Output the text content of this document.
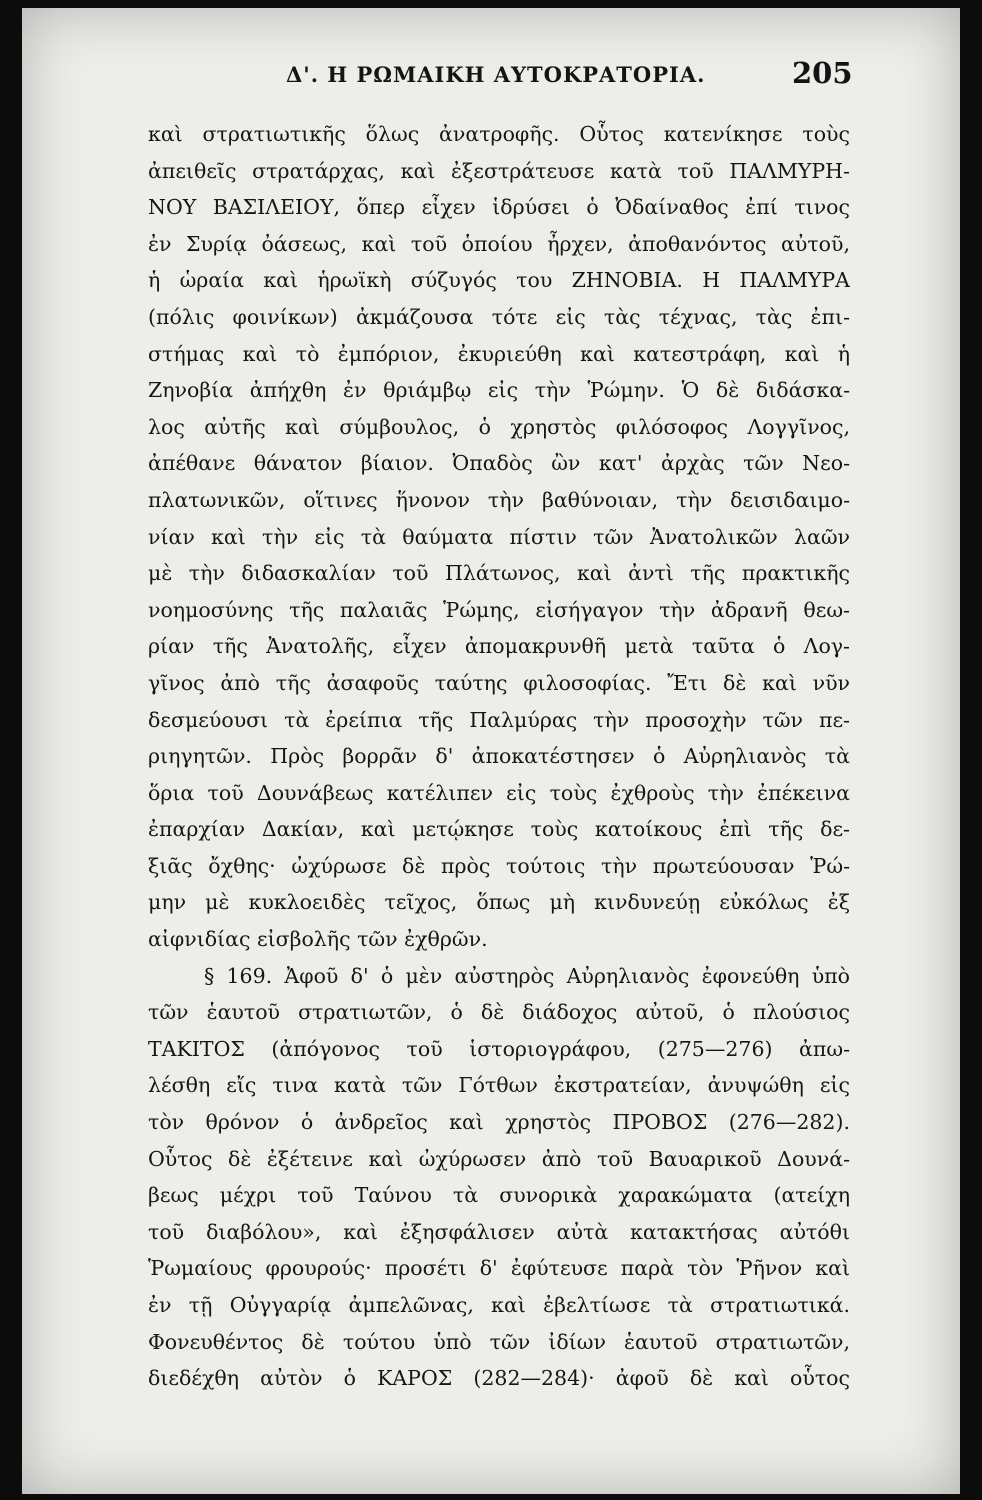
Δ'. Η ΡΩΜΑΙΚΗ ΑΥΤΟΚΡΑΤΟΡΙΑ.	205
καὶ στρατιωτικῆς ὅλως ἀνατροφῆς. Οὗτος κατενίκησε τοὺς
ἀπειθεῖς στρατάρχας, καὶ ἐξεστράτευσε κατὰ τοῦ ΠΑΛΜΥΡΗ-
ΝΟΥ ΒΑΣΙΛΕΙΟΥ, ὅπερ εἶχεν ἱδρύσει ὁ Ὀδαίναθος ἐπί τινος
ἐν Συρίᾳ ὀάσεως, καὶ τοῦ ὁποίου ἦρχεν, ἀποθανόντος αὐτοῦ,
ἡ ὡραία καὶ ἡρωϊκὴ σύζυγός του ΖΗΝΟΒΙΑ. Η ΠΑΛΜΥΡΑ
(πόλις φοινίκων) ἀκμάζουσα τότε εἰς τὰς τέχνας, τὰς ἐπι-
στήμας καὶ τὸ ἐμπόριον, ἐκυριεύθη καὶ κατεστράφη, καὶ ἡ
Ζηνοβία ἀπήχθη ἐν θριάμβῳ εἰς τὴν Ῥώμην. Ὁ δὲ διδάσκα-
λος αὐτῆς καὶ σύμβουλος, ὁ χρηστὸς φιλόσοφος Λογγῖνος,
ἀπέθανε θάνατον βίαιον. Ὀπαδὸς ὢν κατ' ἀρχὰς τῶν Νεο-
πλατωνικῶν, οἵτινες ἥνονον τὴν βαθύνοιαν, τὴν δεισιδαιμο-
νίαν καὶ τὴν εἰς τὰ θαύματα πίστιν τῶν Ἀνατολικῶν λαῶν
μὲ τὴν διδασκαλίαν τοῦ Πλάτωνος, καὶ ἀντὶ τῆς πρακτικῆς
νοημοσύνης τῆς παλαιᾶς Ῥώμης, εἰσήγαγον τὴν ἀδρανῆ θεω-
ρίαν τῆς Ἀνατολῆς, εἶχεν ἀπομακρυνθῆ μετὰ ταῦτα ὁ Λογ-
γῖνος ἀπὸ τῆς ἀσαφοῦς ταύτης φιλοσοφίας. Ἔτι δὲ καὶ νῦν
δεσμεύουσι τὰ ἐρείπια τῆς Παλμύρας τὴν προσοχὴν τῶν πε-
ριηγητῶν. Πρὸς βορρᾶν δ' ἀποκατέστησεν ὁ Αὐρηλιανὸς τὰ
ὅρια τοῦ Δουνάβεως κατέλιπεν εἰς τοὺς ἐχθροὺς τὴν ἐπέκεινα
ἐπαρχίαν Δακίαν, καὶ μετῴκησε τοὺς κατοίκους ἐπὶ τῆς δε-
ξιᾶς ὄχθης· ὠχύρωσε δὲ πρὸς τούτοις τὴν πρωτεύουσαν Ῥώ-
μην μὲ κυκλοειδὲς τεῖχος, ὅπως μὴ κινδυνεύῃ εὐκόλως ἐξ
αἰφνιδίας εἰσβολῆς τῶν ἐχθρῶν.
§ 169. Ἀφοῦ δ' ὁ μὲν αὐστηρὸς Αὐρηλιανὸς ἐφονεύθη ὑπὸ
τῶν ἑαυτοῦ στρατιωτῶν, ὁ δὲ διάδοχος αὐτοῦ, ὁ πλούσιος
ΤΑΚΙΤΟΣ (ἀπόγονος τοῦ ἱστοριογράφου, (275—276) ἀπω-
λέσθη εἴς τινα κατὰ τῶν Γότθων ἐκστρατείαν, ἀνυψώθη εἰς
τὸν θρόνον ὁ ἀνδρεῖος καὶ χρηστὸς ΠΡΟΒΟΣ (276—282).
Οὗτος δὲ ἐξέτεινε καὶ ὠχύρωσεν ἀπὸ τοῦ Βαυαρικοῦ Δουνά-
βεως μέχρι τοῦ Ταύνου τὰ συνορικὰ χαρακώματα (ατείχη
τοῦ διαβόλου», καὶ ἐξησφάλισεν αὐτὰ κατακτήσας αὐτόθι
Ῥωμαίους φρουρούς· προσέτι δ' ἐφύτευσε παρὰ τὸν Ῥῆνον καὶ
ἐν τῇ Οὐγγαρίᾳ ἀμπελῶνας, καὶ ἐβελτίωσε τὰ στρατιωτικά.
Φονευθέντος δὲ τούτου ὑπὸ τῶν ἰδίων ἑαυτοῦ στρατιωτῶν,
διεδέχθη αὐτὸν ὁ ΚΑΡΟΣ (282—284)· ἀφοῦ δὲ καὶ οὗτος
